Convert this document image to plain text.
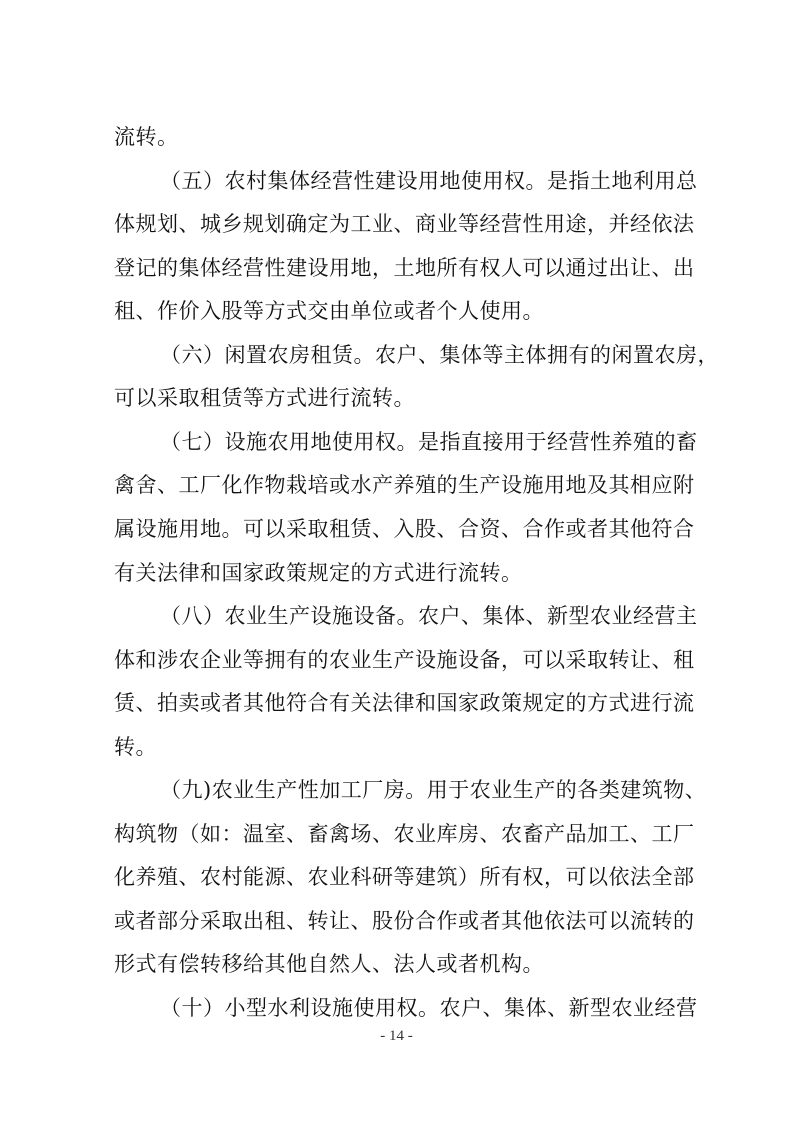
流转。
（五）农村集体经营性建设用地使用权。是指土地利用总
体规划、城乡规划确定为工业、商业等经营性用途，并经依法
登记的集体经营性建设用地，土地所有权人可以通过出让、出
租、作价入股等方式交由单位或者个人使用。
（六）闲置农房租赁。农户、集体等主体拥有的闲置农房，
可以采取租赁等方式进行流转。
（七）设施农用地使用权。是指直接用于经营性养殖的畜
禽舍、工厂化作物栽培或水产养殖的生产设施用地及其相应附
属设施用地。可以采取租赁、入股、合资、合作或者其他符合
有关法律和国家政策规定的方式进行流转。
（八）农业生产设施设备。农户、集体、新型农业经营主
体和涉农企业等拥有的农业生产设施设备，可以采取转让、租
赁、拍卖或者其他符合有关法律和国家政策规定的方式进行流
转。
（九)农业生产性加工厂房。用于农业生产的各类建筑物、
构筑物（如：温室、畜禽场、农业库房、农畜产品加工、工厂
化养殖、农村能源、农业科研等建筑）所有权，可以依法全部
或者部分采取出租、转让、股份合作或者其他依法可以流转的
形式有偿转移给其他自然人、法人或者机构。
（十）小型水利设施使用权。农户、集体、新型农业经营
- 14 -
